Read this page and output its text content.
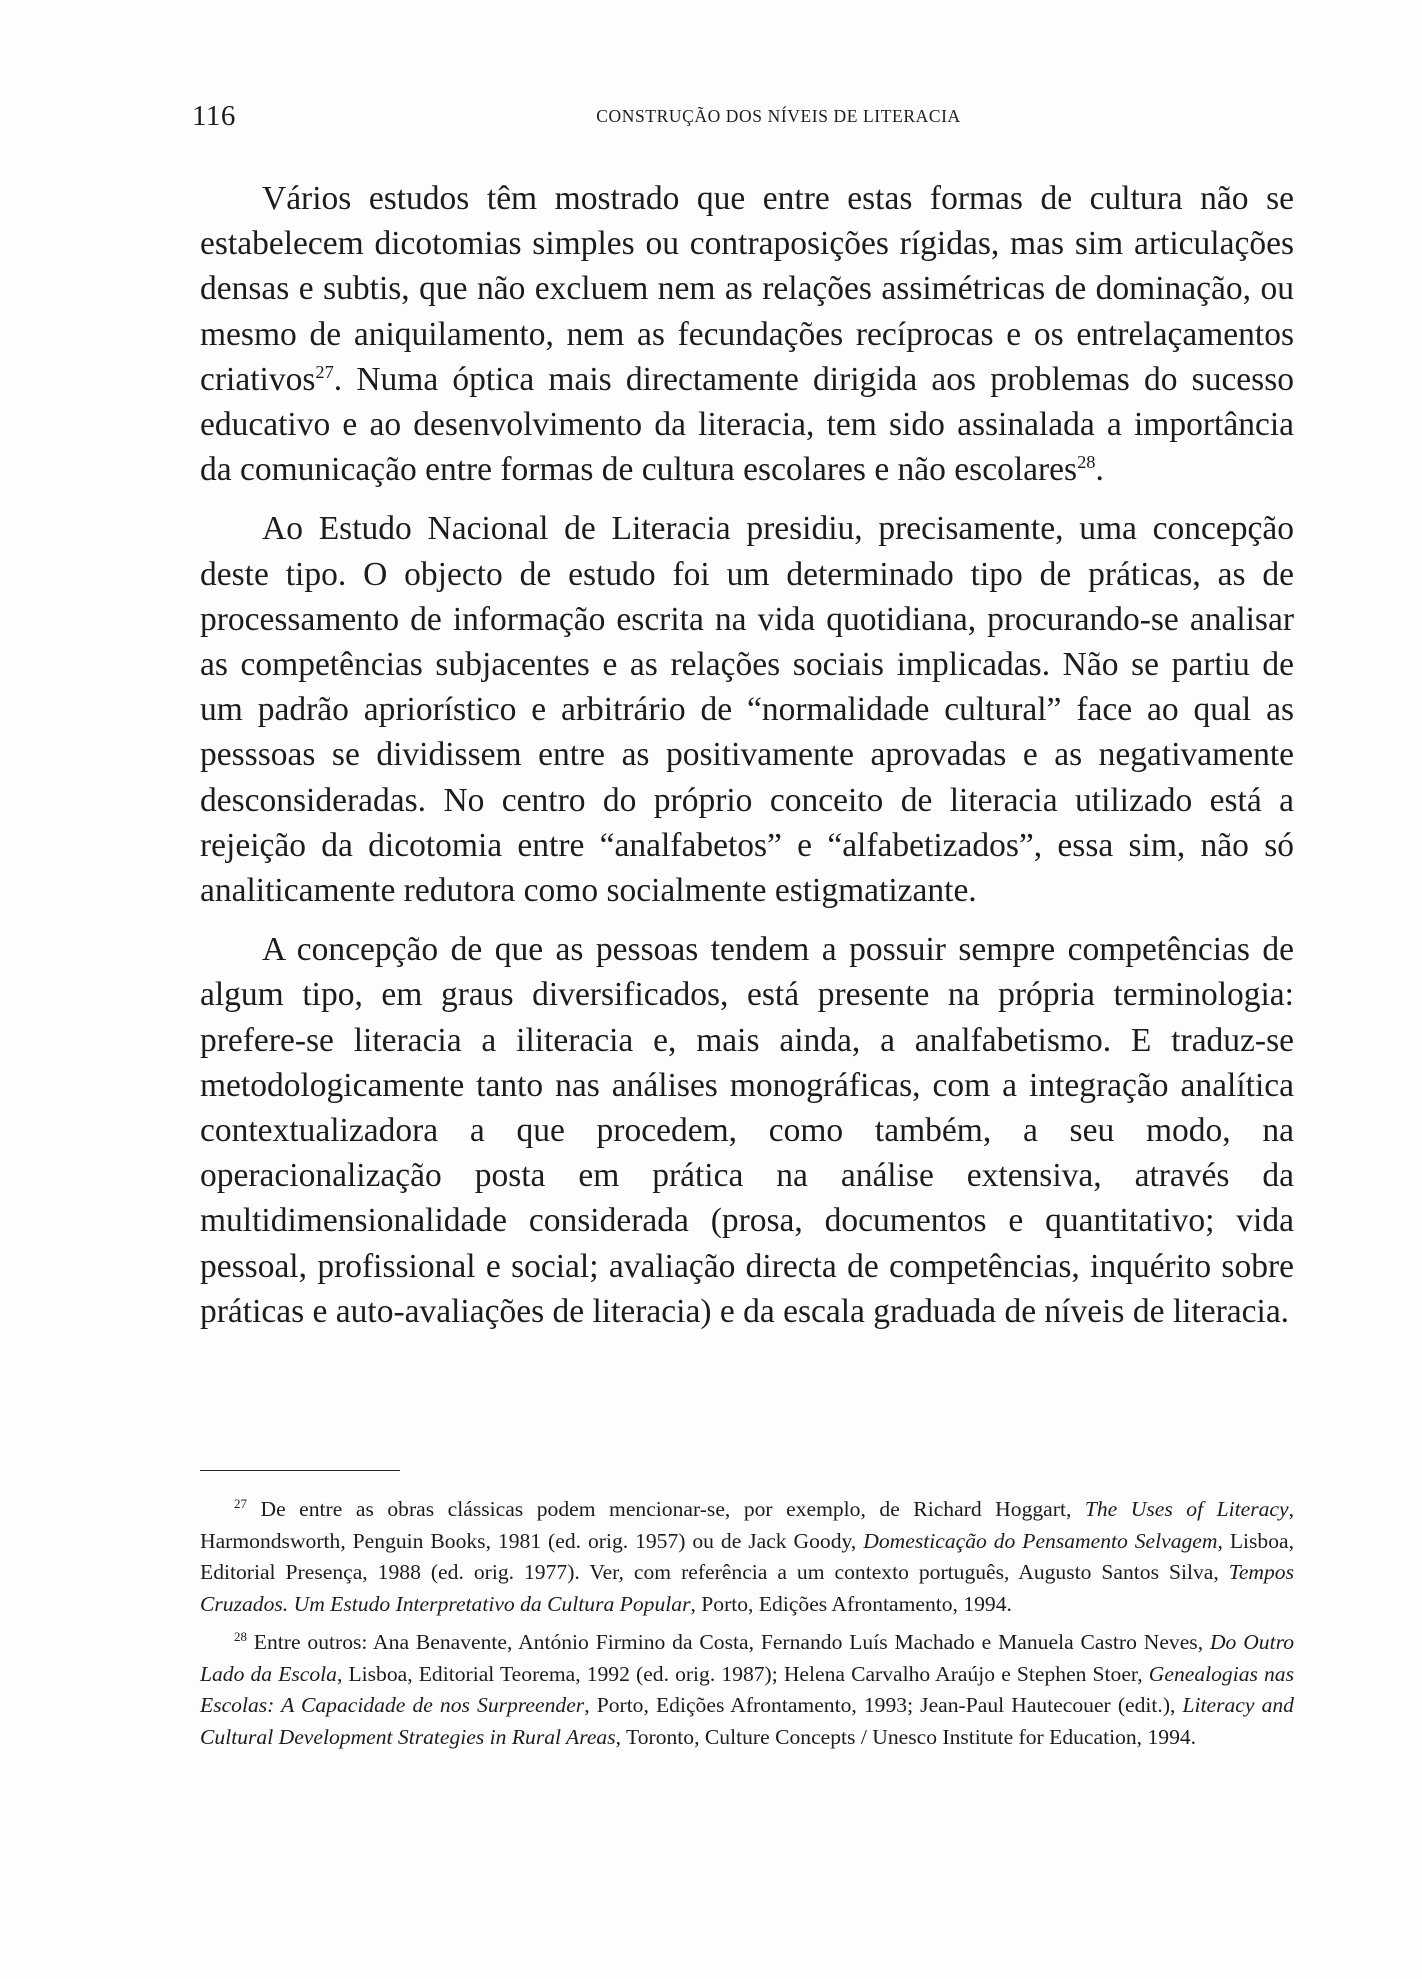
116	CONSTRUÇÃO DOS NÍVEIS DE LITERACIA

Vários estudos têm mostrado que entre estas formas de cultura não se estabelecem dicotomias simples ou contraposições rígidas, mas sim articulações densas e subtis, que não excluem nem as relações assimétricas de dominação, ou mesmo de aniquilamento, nem as fecundações recíprocas e os entrelaçamentos criativos$^{27}$. Numa óptica mais directamente dirigida aos problemas do sucesso educativo e ao desenvolvimento da literacia, tem sido assinalada a importância da comunicação entre formas de cultura escolares e não escolares$^{28}$.

Ao Estudo Nacional de Literacia presidiu, precisamente, uma concepção deste tipo. O objecto de estudo foi um determinado tipo de práticas, as de processamento de informação escrita na vida quotidiana, procurando-se analisar as competências subjacentes e as relações sociais implicadas. Não se partiu de um padrão apriorístico e arbitrário de “normalidade cultural” face ao qual as pesssoas se dividissem entre as positivamente aprovadas e as negativamente desconsideradas. No centro do próprio conceito de literacia utilizado está a rejeição da dicotomia entre “analfabetos” e “alfabetizados”, essa sim, não só analiticamente redutora como socialmente estigmatizante.

A concepção de que as pessoas tendem a possuir sempre competências de algum tipo, em graus diversificados, está presente na própria terminologia: prefere-se literacia a iliteracia e, mais ainda, a analfabetismo. E traduz-se metodologicamente tanto nas análises monográficas, com a integração analítica contextualizadora a que procedem, como também, a seu modo, na operacionalização posta em prática na análise extensiva, através da multidimensionalidade considerada (prosa, documentos e quantitativo; vida pessoal, profissional e social; avaliação directa de competências, inquérito sobre práticas e auto-avaliações de literacia) e da escala graduada de níveis de literacia.

$^{27}$ De entre as obras clássicas podem mencionar-se, por exemplo, de Richard Hoggart, The Uses of Literacy, Harmondsworth, Penguin Books, 1981 (ed. orig. 1957) ou de Jack Goody, Domesticação do Pensamento Selvagem, Lisboa, Editorial Presença, 1988 (ed. orig. 1977). Ver, com referência a um contexto português, Augusto Santos Silva, Tempos Cruzados. Um Estudo Interpretativo da Cultura Popular, Porto, Edições Afrontamento, 1994.

$^{28}$ Entre outros: Ana Benavente, António Firmino da Costa, Fernando Luís Machado e Manuela Castro Neves, Do Outro Lado da Escola, Lisboa, Editorial Teorema, 1992 (ed. orig. 1987); Helena Carvalho Araújo e Stephen Stoer, Genealogias nas Escolas: A Capacidade de nos Surpreender, Porto, Edições Afrontamento, 1993; Jean-Paul Hautecouer (edit.), Literacy and Cultural Development Strategies in Rural Areas, Toronto, Culture Concepts / Unesco Institute for Education, 1994.
